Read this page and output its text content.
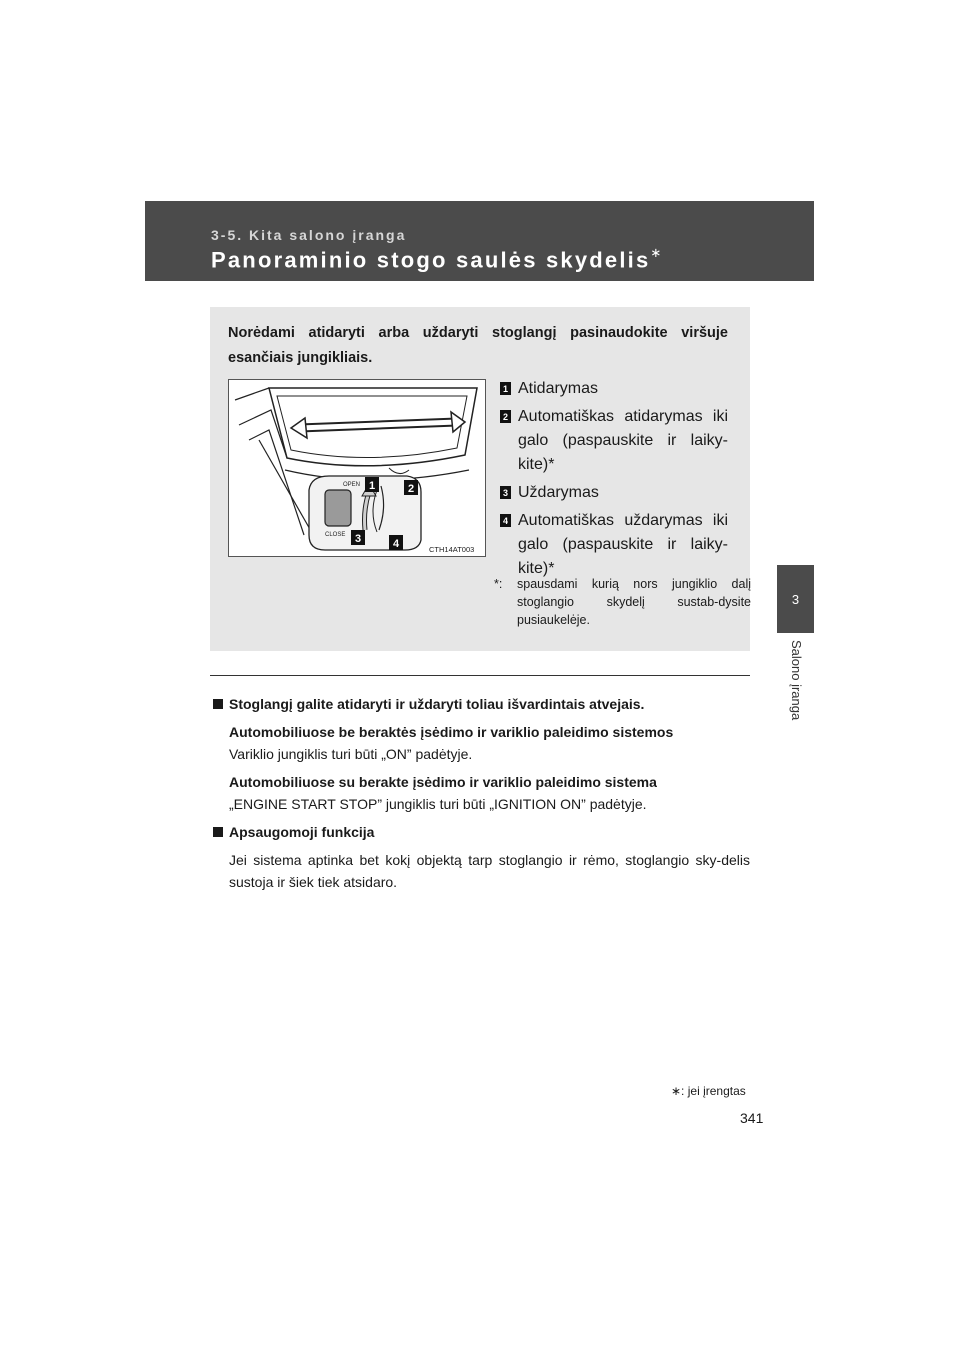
3-5. Kita salono įranga
Panoraminio stogo saulės skydelis∗
3
Salono įranga
Norėdami atidaryti arba uždaryti stoglangį pasinaudokite viršuje esančiais jungikliais.
OPEN
CLOSE
1	2
3	4	CTH14AT003
1 Atidarymas
2 Automatiškas atidarymas iki galo (paspauskite ir laiky-kite)*
3 Uždarymas
4 Automatiškas uždarymas iki galo (paspauskite ir laiky-kite)*
*: spausdami kurią nors jungiklio dalį stoglangio skydelį sustab-dysite pusiaukelėje.
Stoglangį galite atidaryti ir uždaryti toliau išvardintais atvejais.
Automobiliuose be beraktės įsėdimo ir variklio paleidimo sistemos
Variklio jungiklis turi būti „ON” padėtyje.
Automobiliuose su berakte įsėdimo ir variklio paleidimo sistema
„ENGINE START STOP” jungiklis turi būti „IGNITION ON” padėtyje.
Apsaugomoji funkcija
Jei sistema aptinka bet kokį objektą tarp stoglangio ir rėmo, stoglangio sky-delis sustoja ir šiek tiek atsidaro.
∗: jei įrengtas
341
